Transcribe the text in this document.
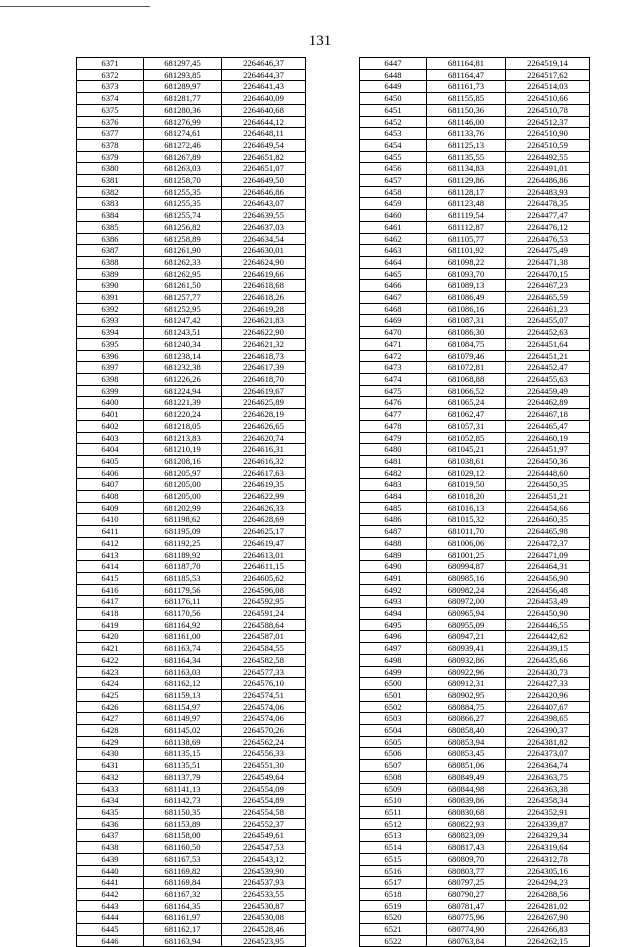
131
6371	681297,45	2264646,37
6372	681293,85	2264644,37
6373	681289,97	2264641,43
6374	681281,77	2264640,09
6375	681280,36	2264640,68
6376	681276,99	2264644,12
6377	681274,61	2264648,11
6378	681272,46	2264649,54
6379	681267,89	2264651,82
6380	681263,03	2264651,07
6381	681258,70	2264649,50
6382	681255,35	2264646,86
6383	681255,35	2264643,07
6384	681255,74	2264639,55
6385	681256,82	2264637,03
6386	681258,89	2264634,54
6387	681261,90	2264630,01
6388	681262,33	2264624,90
6389	681262,95	2264619,66
6390	681261,50	2264618,68
6391	681257,77	2264618,26
6392	681252,95	2264619,28
6393	681247,42	2264621,83
6394	681243,51	2264622,90
6395	681240,34	2264621,32
6396	681238,14	2264618,73
6397	681232,38	2264617,39
6398	681226,26	2264618,70
6399	681224,94	2264619,67
6400	681221,39	2264625,89
6401	681220,24	2264628,19
6402	681218,05	2264626,65
6403	681213,83	2264620,74
6404	681210,19	2264616,31
6405	681208,16	2264616,32
6406	681205,97	2264617,63
6407	681205,00	2264619,35
6408	681205,00	2264622,99
6409	681202,99	2264626,33
6410	681198,62	2264628,69
6411	681195,09	2264625,17
6412	681192,25	2264619,47
6413	681189,92	2264613,01
6414	681187,70	2264611,15
6415	681185,53	2264605,62
6416	681179,56	2264596,08
6417	681176,11	2264592,95
6418	681170,56	2264591,24
6419	681164,92	2264588,64
6420	681161,00	2264587,01
6421	681163,74	2264584,55
6422	681164,34	2264582,58
6423	681163,03	2264577,33
6424	681162,12	2264576,10
6425	681159,13	2264574,51
6426	681154,97	2264574,06
6427	681149,97	2264574,06
6428	681145,02	2264570,26
6429	681138,69	2264562,24
6430	681135,15	2264556,33
6431	681135,51	2264551,30
6432	681137,79	2264549,64
6433	681141,13	2264554,09
6434	681142,73	2264554,89
6435	681150,35	2264554,58
6436	681153,89	2264552,37
6437	681158,00	2264549,61
6438	681160,50	2264547,53
6439	681167,53	2264543,12
6440	681169,82	2264539,90
6441	681169,84	2264537,93
6442	681167,32	2264533,55
6443	681164,35	2264530,87
6444	681161,97	2264530,08
6445	681162,17	2264528,46
6446	681163,94	2264523,95
6447	681164,81	2264519,14
6448	681164,47	2264517,62
6449	681161,73	2264514,03
6450	681155,85	2264510,66
6451	681150,36	2264510,78
6452	681146,00	2264512,37
6453	681133,76	2264510,90
6454	681125,13	2264510,59
6455	681135,55	2264492,55
6456	681134,83	2264491,01
6457	681129,86	2264486,86
6458	681128,17	2264483,93
6459	681123,48	2264478,35
6460	681119,54	2264477,47
6461	681112,87	2264476,12
6462	681105,77	2264476,53
6463	681101,92	2264475,49
6464	681098,22	2264471,38
6465	681093,70	2264470,15
6466	681089,13	2264467,23
6467	681086,49	2264465,59
6468	681086,16	2264461,23
6469	681087,31	2264455,07
6470	681086,30	2264452,63
6471	681084,75	2264451,64
6472	681079,46	2264451,21
6473	681072,81	2264452,47
6474	681068,88	2264455,63
6475	681066,52	2264459,49
6476	681065,24	2264462,89
6477	681062,47	2264467,18
6478	681057,31	2264465,47
6479	681052,85	2264460,19
6480	681045,21	2264451,97
6481	681038,61	2264450,36
6482	681029,12	2264448,60
6483	681019,50	2264450,35
6484	681018,20	2264451,21
6485	681016,13	2264454,66
6486	681015,32	2264460,35
6487	681011,70	2264465,98
6488	681006,06	2264472,37
6489	681001,25	2264471,09
6490	680994,87	2264464,31
6491	680985,16	2264456,90
6492	680982,24	2264456,48
6493	680972,00	2264453,49
6494	680965,94	2264450,90
6495	680955,09	2264446,55
6496	680947,21	2264442,62
6497	680939,41	2264439,15
6498	680932,86	2264435,66
6499	680922,96	2264430,73
6500	680912,31	2264427,33
6501	680902,95	2264420,96
6502	680884,75	2264407,67
6503	680866,27	2264398,65
6504	680858,40	2264390,37
6505	680853,94	2264381,82
6506	680853,45	2264373,07
6507	680851,06	2264364,74
6508	680849,49	2264363,75
6509	680844,98	2264363,38
6510	680839,86	2264358,34
6511	680830,68	2264352,91
6512	680822,93	2264339,87
6513	680823,09	2264329,34
6514	680817,43	2264319,64
6515	680809,70	2264312,78
6516	680803,77	2264305,16
6517	680797,25	2264294,23
6518	680790,27	2264288,56
6519	680781,47	2264281,02
6520	680775,96	2264267,90
6521	680774,90	2264266,83
6522	680763,84	2264262,15
